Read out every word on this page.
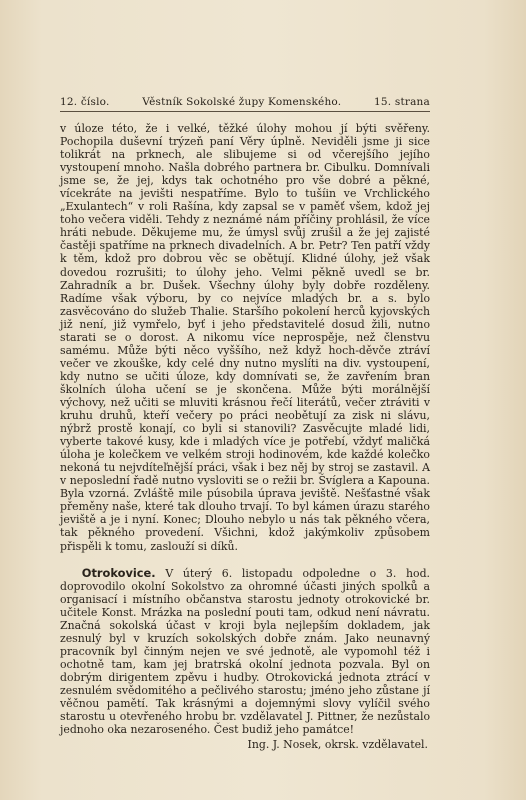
12. číslo.	Věstník Sokolské župy Komenského.	15. strana

v úloze této, že i velké, těžké úlohy mohou jí býti svěřeny. Pochopila duševní trýzeň paní Věry úplně. Neviděli jsme ji sice tolikrát na prknech, ale slibujeme si od včerejšího jejího vystoupení mnoho. Našla dobrého partnera br. Cibulku. Domnívali jsme se, že jej, kdys tak ochotného pro vše dobré a pěkné, vícekráte na jevišti nespatříme. Bylo to tušíin ve Vrchlického „Exulantech“ v roli Rašína, kdy zapsal se v paměť všem, kdož jej toho večera viděli. Tehdy z neznámé nám příčiny prohlásil, že více hráti nebude. Děkujeme mu, že úmysl svůj zrušil a že jej zajisté častěji spatříme na prknech divadelních. A br. Petr? Ten patří vždy k těm, kdož pro dobrou věc se obětují. Klidné úlohy, jež však dovedou rozrušiti; to úlohy jeho. Velmi pěkně uvedl se br. Zahradník a br. Dušek. Všechny úlohy byly dobře rozděleny. Radíme však výboru, by co nejvíce mladých br. a s. bylo zasvěcováno do služeb Thalie. Staršího pokolení herců kyjovských již není, již vymřelo, byť i jeho představitelé dosud žili, nutno starati se o dorost. A nikomu více neprospěje, než členstvu samému. Může býti něco vyššího, než když hoch-děvče ztráví večer ve zkouške, kdy celé dny nutno myslíti na div. vystoupení, kdy nutno se učiti úloze, kdy domnívati se, že zavřením bran školních úloha učení se je skončena. Může býti morálnější výchovy, než učiti se mluviti krásnou řečí literátů, večer ztráviti v kruhu druhů, kteří večery po práci neobětují za zisk ni slávu, nýbrž prostě konají, co byli si stanovili? Zasvěcujte mladé lidi, vyberte takové kusy, kde i mladých více je potřebí, vždyť maličká úloha je kolečkem ve velkém stroji hodinovém, kde každé kolečko nekoná tu nejvdíteľnější práci, však i bez něj by stroj se zastavil. A v neposlední řadě nutno vysloviti se o režii br. Švíglera a Kapouna. Byla vzorná. Zvláště mile púsobila úprava jeviště. Nešťastné však přeměny naše, které tak dlouho trvají. To byl kámen úrazu starého jeviště a je i nyní. Konec; Dlouho nebylo u nás tak pěkného včera, tak pěkného provedení. Všichni, kdož jakýmkoliv způsobem přispěli k tomu, zaslouží si díků.

Otrokovice. V úterý 6. listopadu odpoledne o 3. hod. doprovodilo okolní Sokolstvo za ohromné účasti jiných spolků a organisací i místního občanstva starostu jednoty otrokovické br. učitele Konst. Mrázka na poslední pouti tam, odkud není návratu. Značná sokolská účast v kroji byla nejlepším dokladem, jak zesnulý byl v kruzích sokolských dobře znám. Jako neunavný pracovník byl činným nejen ve své jednotě, ale vypomohl též i ochotně tam, kam jej bratrská okolní jednota pozvala. Byl on dobrým dirigentem zpěvu i hudby. Otrokovická jednota ztrácí v zesnulém svědomitého a pečlivého starostu; jméno jeho zůstane jí věčnou pamětí. Tak krásnými a dojemnými slovy vylíčil svého starostu u otevřeného hrobu br. vzdělavatel J. Pittner, že nezůstalo jednoho oka nezaroseného. Čest budiž jeho památce!

Ing. J. Nosek, okrsk. vzdělavatel.
